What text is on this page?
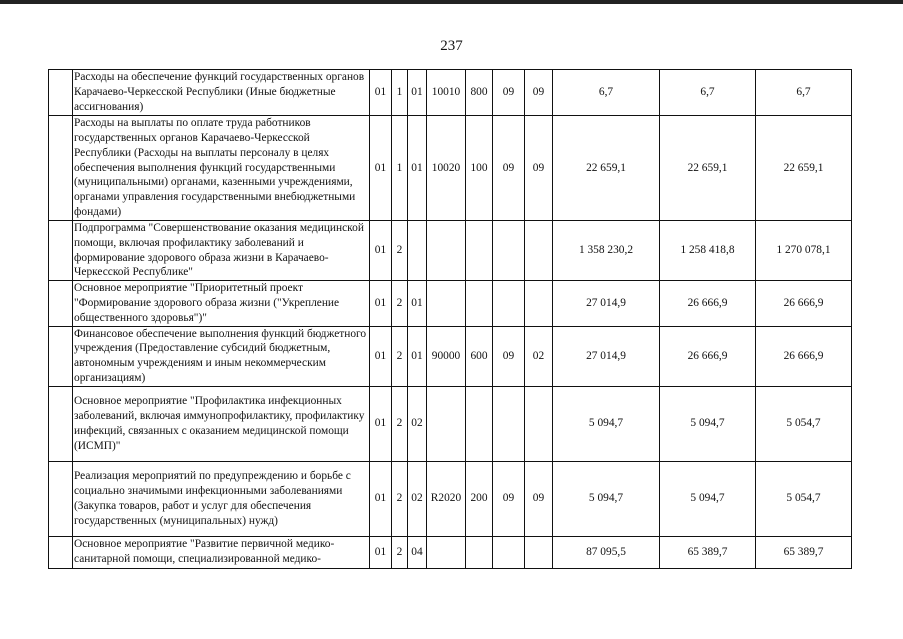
237
	Расходы на обеспечение функций государственных органов Карачаево-Черкесской Республики (Иные бюджетные ассигнования)	01	1	01	10010	800	09	09	6,7	6,7	6,7
	Расходы на выплаты по оплате труда работников государственных органов Карачаево-Черкесской Республики (Расходы на выплаты персоналу в целях обеспечения выполнения функций государственными (муниципальными) органами, казенными учреждениями, органами управления государственными внебюджетными фондами)	01	1	01	10020	100	09	09	22 659,1	22 659,1	22 659,1
	Подпрограмма "Совершенствование оказания медицинской помощи, включая профилактику заболеваний и формирование здорового образа жизни в Карачаево-Черкесской Республике"	01	2						1 358 230,2	1 258 418,8	1 270 078,1
	Основное мероприятие "Приоритетный проект "Формирование здорового образа жизни ("Укрепление общественного здоровья")"	01	2	01					27 014,9	26 666,9	26 666,9
	Финансовое обеспечение выполнения функций бюджетного учреждения (Предоставление субсидий бюджетным, автономным учреждениям и иным некоммерческим организациям)	01	2	01	90000	600	09	02	27 014,9	26 666,9	26 666,9
	Основное мероприятие "Профилактика инфекционных заболеваний, включая иммунопрофилактику, профилактику инфекций, связанных с оказанием медицинской помощи (ИСМП)"	01	2	02					5 094,7	5 094,7	5 054,7
	Реализация мероприятий по предупреждению и борьбе с социально значимыми инфекционными заболеваниями (Закупка товаров, работ и услуг для обеспечения государственных (муниципальных) нужд)	01	2	02	R2020	200	09	09	5 094,7	5 094,7	5 054,7

	Основное мероприятие "Развитие первичной медико-санитарной помощи, специализированной медико-	01	2	04					87 095,5	65 389,7	65 389,7
